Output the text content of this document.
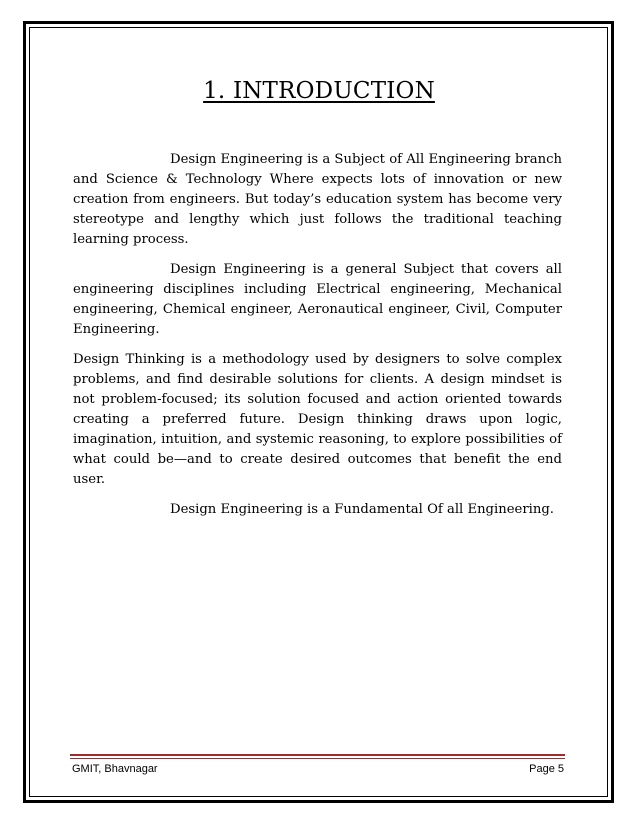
1. INTRODUCTION

Design Engineering is a Subject of All Engineering branch and Science & Technology Where expects lots of innovation or new creation from engineers. But today’s education system has become very stereotype and lengthy which just follows the traditional teaching learning process.

Design Engineering is a general Subject that covers all engineering disciplines including Electrical engineering, Mechanical engineering, Chemical engineer, Aeronautical engineer, Civil, Computer Engineering.

Design Thinking is a methodology used by designers to solve complex problems, and find desirable solutions for clients. A design mindset is not problem-focused; its solution focused and action oriented towards creating a preferred future. Design thinking draws upon logic, imagination, intuition, and systemic reasoning, to explore possibilities of what could be—and to create desired outcomes that benefit the end user.

Design Engineering is a Fundamental Of all Engineering.

GMIT, Bhavnagar	Page 5
